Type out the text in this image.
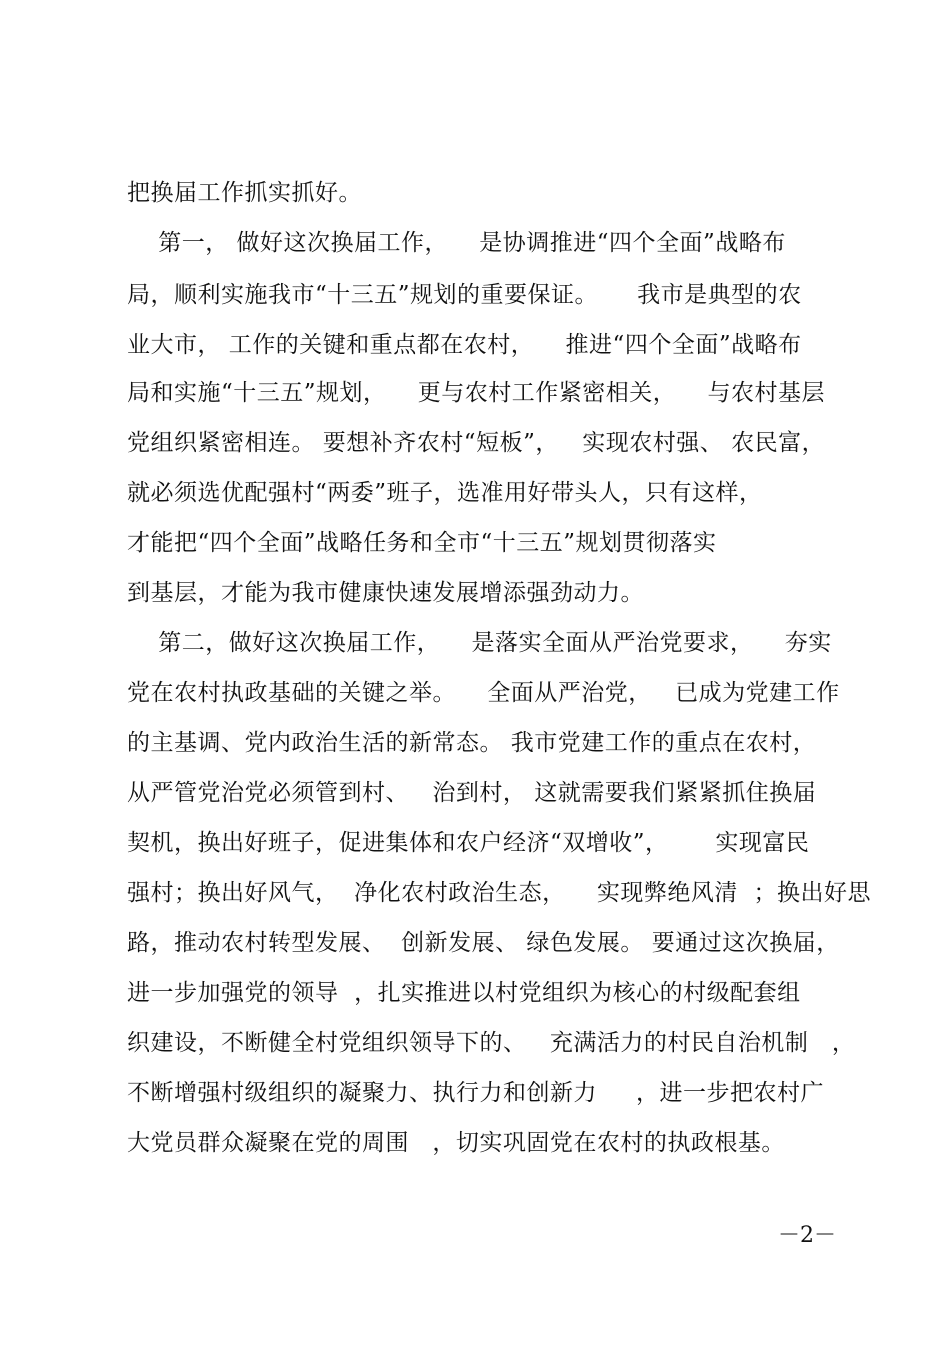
把换届工作抓实抓好。
第一， 做好这次换届工作，    是协调推进“四个全面”战略布
局，顺利实施我市“十三五”规划的重要保证。     我市是典型的农
业大市， 工作的关键和重点都在农村，    推进“四个全面”战略布
局和实施“十三五”规划，    更与农村工作紧密相关，    与农村基层
党组织紧密相连。 要想补齐农村“短板”，   实现农村强、 农民富，
就必须选优配强村“两委”班子，选准用好带头人，只有这样，
才能把“四个全面”战略任务和全市“十三五”规划贯彻落实
到基层，才能为我市健康快速发展增添强劲动力。
第二，做好这次换届工作，    是落实全面从严治党要求，    夯实
党在农村执政基础的关键之举。    全面从严治党，   已成为党建工作
的主基调、党内政治生活的新常态。 我市党建工作的重点在农村，
从严管党治党必须管到村、   治到村， 这就需要我们紧紧抓住换届
契机，换出好班子，促进集体和农户经济“双增收”，      实现富民
强村；换出好风气，  净化农村政治生态，    实现弊绝风清  ；换出好思
路，推动农村转型发展、  创新发展、 绿色发展。 要通过这次换届，
进一步加强党的领导  ，扎实推进以村党组织为核心的村级配套组
织建设，不断健全村党组织领导下的、   充满活力的村民自治机制   ，
不断增强村级组织的凝聚力、执行力和创新力     ，进一步把农村广
大党员群众凝聚在党的周围   ，切实巩固党在农村的执政根基。
－2－
